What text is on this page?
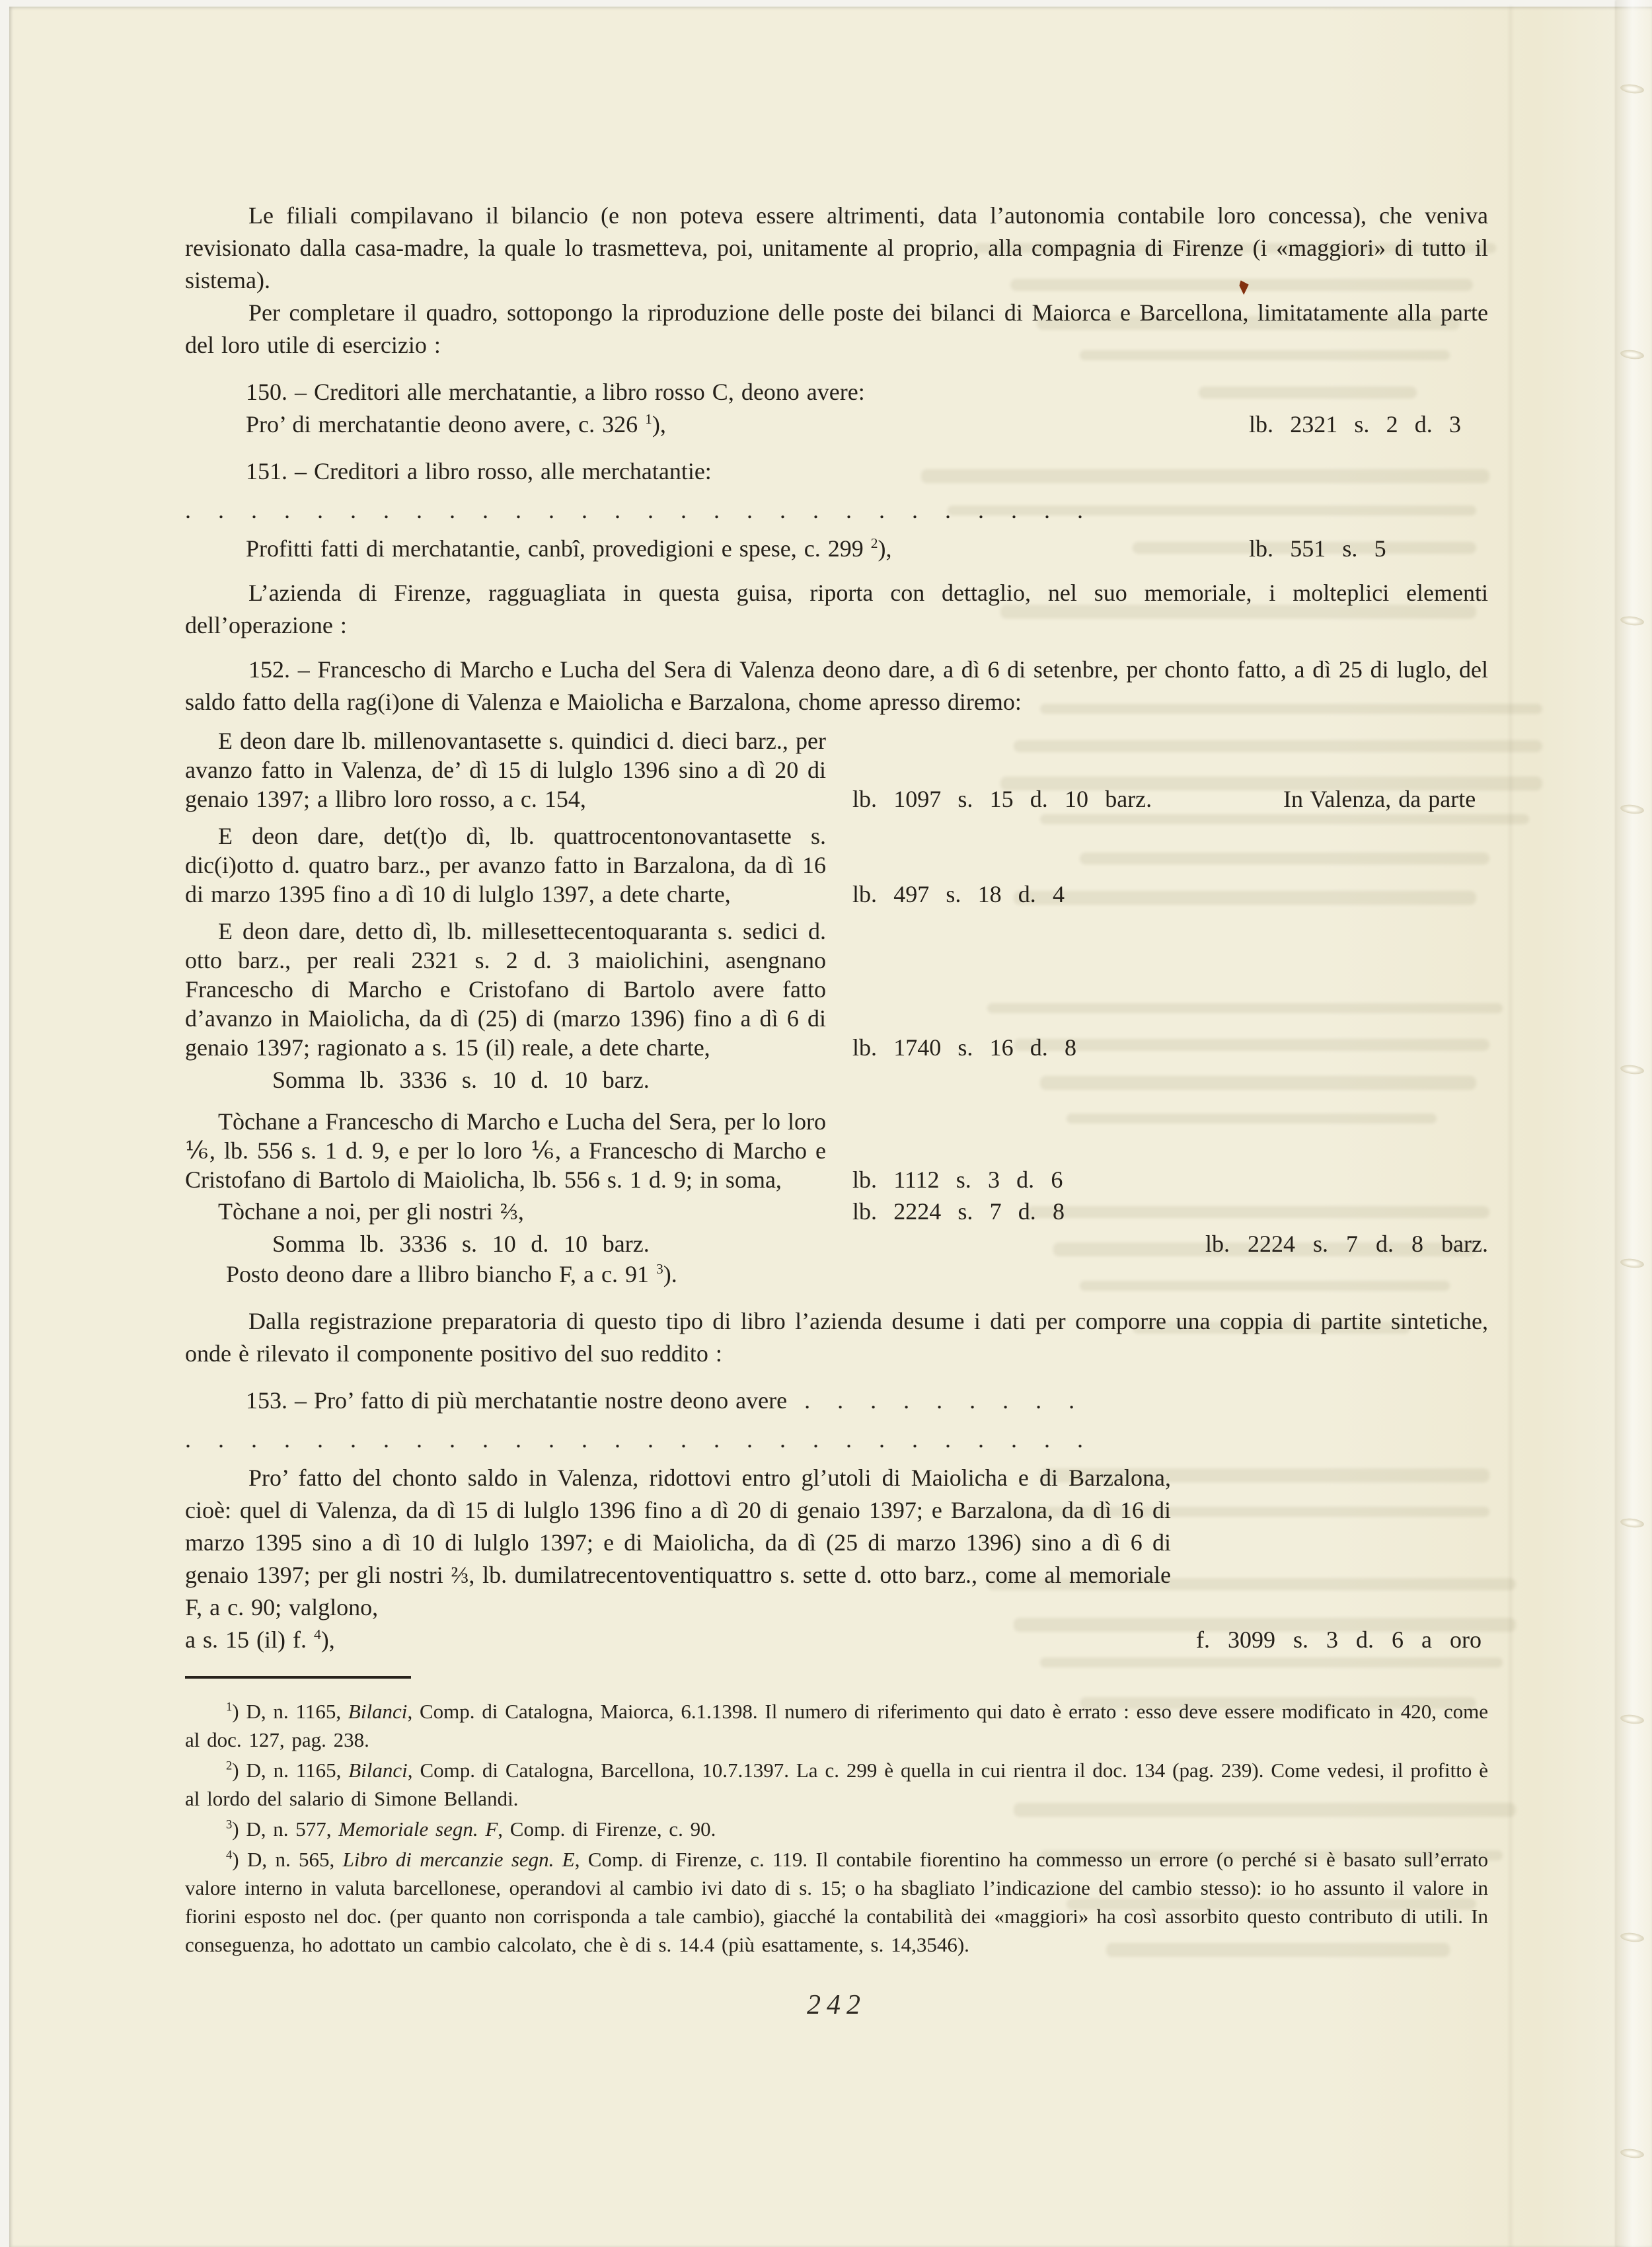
Le filiali compilavano il bilancio (e non poteva essere altrimenti, data l’autonomia contabile loro concessa), che veniva revisionato dalla casa-madre, la quale lo trasmetteva, poi, unitamente al proprio, alla compagnia di Firenze (i «maggiori» di tutto il sistema).
Per completare il quadro, sottopongo la riproduzione delle poste dei bilanci di Maiorca e Barcellona, limitatamente alla parte del loro utile di esercizio :
150. – Creditori alle merchatantie, a libro rosso C, deono avere:
Pro’ di merchatantie deono avere, c. 326 $^1$),	lb. 2321 s. 2 d. 3
151. – Creditori a libro rosso, alle merchatantie:
. . . . . . . . . . . . . . . . . . . . . . . . . . . .
Profitti fatti di merchatantie, canbî, provedigioni e spese, c. 299 $^2$),	lb. 551 s. 5
L’azienda di Firenze, ragguagliata in questa guisa, riporta con dettaglio, nel suo memoriale, i molteplici elementi dell’operazione :
152. – Francescho di Marcho e Lucha del Sera di Valenza deono dare, a dì 6 di setenbre, per chonto fatto, a dì 25 di luglo, del saldo fatto della rag(i)one di Valenza e Maiolicha e Barzalona, chome apresso diremo:
E deon dare lb. millenovantasette s. quindici d. dieci barz., per avanzo fatto in Valenza, de’ dì 15 di lulglo 1396 sino a dì 20 di genaio 1397; a llibro loro rosso, a c. 154,	lb. 1097 s. 15 d. 10 barz.	In Valenza, da parte
E deon dare, det(t)o dì, lb. quattrocentonovantasette s. dic(i)otto d. quatro barz., per avanzo fatto in Barzalona, da dì 16 di marzo 1395 fino a dì 10 di lulglo 1397, a dete charte,	lb. 497 s. 18 d. 4
E deon dare, detto dì, lb. millesettecentoquaranta s. sedici d. otto barz., per reali 2321 s. 2 d. 3 maiolichini, asengnano Francescho di Marcho e Cristofano di Bartolo avere fatto d’avanzo in Maiolicha, da dì (25) di (marzo 1396) fino a dì 6 di genaio 1397; ragionato a s. 15 (il) reale, a dete charte,	lb. 1740 s. 16 d. 8
Somma lb. 3336 s. 10 d. 10 barz.
Tòchane a Francescho di Marcho e Lucha del Sera, per lo loro ⅙, lb. 556 s. 1 d. 9, e per lo loro ⅙, a Francescho di Marcho e Cristofano di Bartolo di Maiolicha, lb. 556 s. 1 d. 9; in soma,	lb. 1112 s. 3 d. 6
Tòchane a noi, per gli nostri ⅔,	lb. 2224 s. 7 d. 8
Somma lb. 3336 s. 10 d. 10 barz.	lb. 2224 s. 7 d. 8 barz.
Posto deono dare a llibro biancho F, a c. 91 $^3$).
Dalla registrazione preparatoria di questo tipo di libro l’azienda desume i dati per comporre una coppia di partite sintetiche, onde è rilevato il componente positivo del suo reddito :
153. – Pro’ fatto di più merchatantie nostre deono avere . . . . . . . . .
. . . . . . . . . . . . . . . . . . . . . . . . . . . .
Pro’ fatto del chonto saldo in Valenza, ridottovi entro gl’utoli di Maiolicha e di Barzalona, cioè: quel di Valenza, da dì 15 di lulglo 1396 fino a dì 20 di genaio 1397; e Barzalona, da dì 16 di marzo 1395 sino a dì 10 di lulglo 1397; e di Maiolicha, da dì (25 di marzo 1396) sino a dì 6 di genaio 1397; per gli nostri ⅔, lb. dumilatrecentoventiquattro s. sette d. otto barz., come al memoriale F, a c. 90; valglono,
a s. 15 (il) f. $^4$),	f. 3099 s. 3 d. 6 a oro

$^1$) D, n. 1165, Bilanci, Comp. di Catalogna, Maiorca, 6.1.1398. Il numero di riferimento qui dato è errato : esso deve essere modificato in 420, come al doc. 127, pag. 238.

$^2$) D, n. 1165, Bilanci, Comp. di Catalogna, Barcellona, 10.7.1397. La c. 299 è quella in cui rientra il doc. 134 (pag. 239). Come vedesi, il profitto è al lordo del salario di Simone Bellandi.

$^3$) D, n. 577, Memoriale segn. F, Comp. di Firenze, c. 90.

$^4$) D, n. 565, Libro di mercanzie segn. E, Comp. di Firenze, c. 119. Il contabile fiorentino ha commesso un errore (o perché si è basato sull’errato valore interno in valuta barcellonese, operandovi al cambio ivi dato di s. 15; o ha sbagliato l’indicazione del cambio stesso): io ho assunto il valore in fiorini esposto nel doc. (per quanto non corrisponda a tale cambio), giacché la contabilità dei «maggiori» ha così assorbito questo contributo di utili. In conseguenza, ho adottato un cambio calcolato, che è di s. 14.4 (più esattamente, s. 14,3546).

242
